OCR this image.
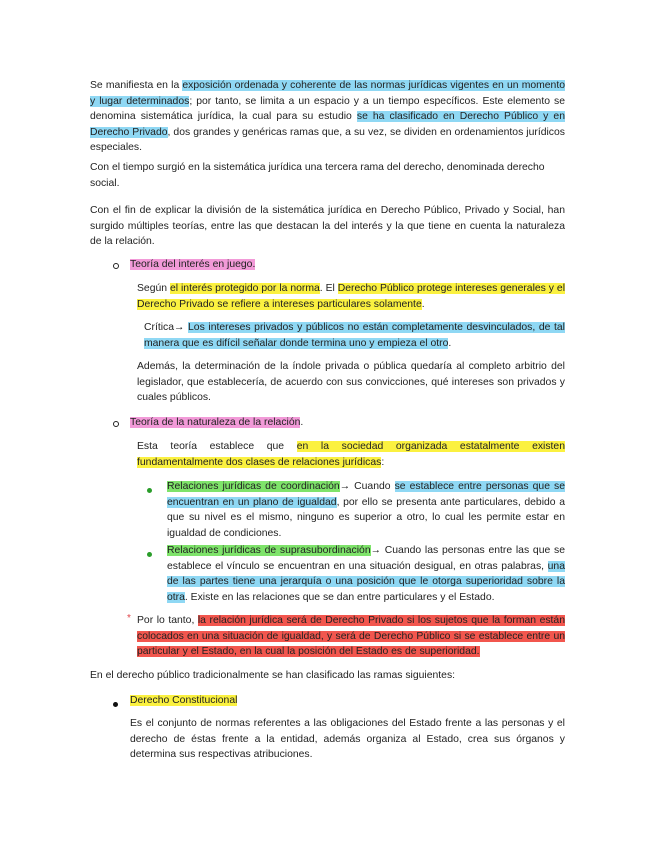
Se manifiesta en la exposición ordenada y coherente de las normas jurídicas vigentes en un momento y lugar determinados; por tanto, se limita a un espacio y a un tiempo específicos. Este elemento se denomina sistemática jurídica, la cual para su estudio se ha clasificado en Derecho Público y en Derecho Privado, dos grandes y genéricas ramas que, a su vez, se dividen en ordenamientos jurídicos especiales.

Con el tiempo surgió en la sistemática jurídica una tercera rama del derecho, denominada derecho social.

Con el fin de explicar la división de la sistemática jurídica en Derecho Público, Privado y Social, han surgido múltiples teorías, entre las que destacan la del interés y la que tiene en cuenta la naturaleza de la relación.

Teoría del interés en juego.

Según el interés protegido por la norma. El Derecho Público protege intereses generales y el Derecho Privado se refiere a intereses particulares solamente.

Crítica→ Los intereses privados y públicos no están completamente desvinculados, de tal manera que es difícil señalar donde termina uno y empieza el otro.

Además, la determinación de la índole privada o pública quedaría al completo arbitrio del legislador, que establecería, de acuerdo con sus convicciones, qué intereses son privados y cuales públicos.

Teoría de la naturaleza de la relación.

Esta teoría establece que en la sociedad organizada estatalmente existen fundamentalmente dos clases de relaciones jurídicas:

Relaciones jurídicas de coordinación→ Cuando se establece entre personas que se encuentran en un plano de igualdad, por ello se presenta ante particulares, debido a que su nivel es el mismo, ninguno es superior a otro, lo cual les permite estar en igualdad de condiciones.

Relaciones jurídicas de suprasubordinación→ Cuando las personas entre las que se establece el vínculo se encuentran en una situación desigual, en otras palabras, una de las partes tiene una jerarquía o una posición que le otorga superioridad sobre la otra. Existe en las relaciones que se dan entre particulares y el Estado.

* Por lo tanto, la relación jurídica será de Derecho Privado si los sujetos que la forman están colocados en una situación de igualdad, y será de Derecho Público si se establece entre un particular y el Estado, en la cual la posición del Estado es de superioridad.

En el derecho público tradicionalmente se han clasificado las ramas siguientes:

Derecho Constitucional

Es el conjunto de normas referentes a las obligaciones del Estado frente a las personas y el derecho de éstas frente a la entidad, además organiza al Estado, crea sus órganos y determina sus respectivas atribuciones.
